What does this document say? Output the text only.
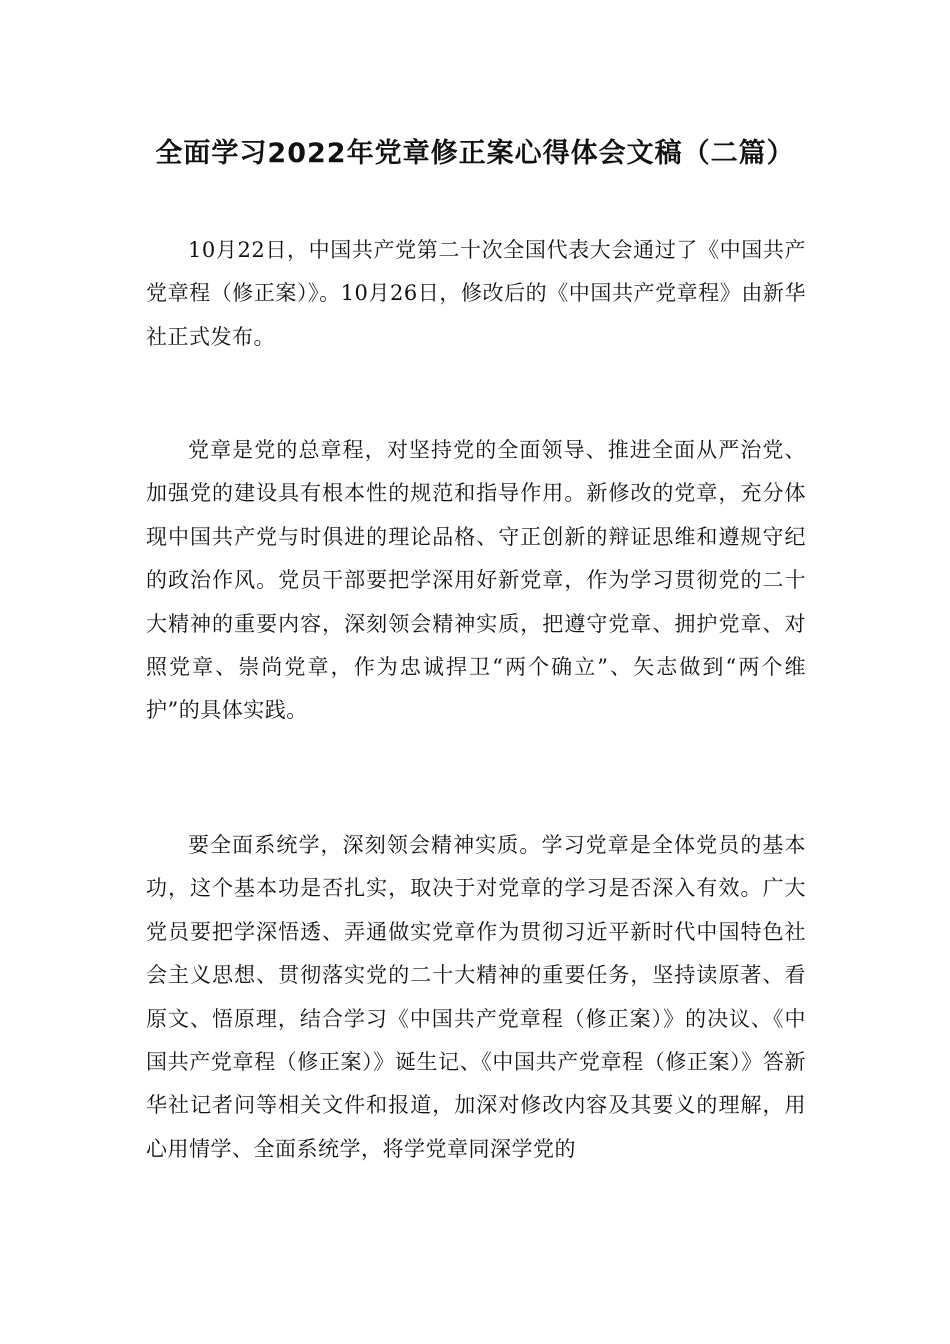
全面学习2022年党章修正案心得体会文稿（二篇）

10月22日，中国共产党第二十次全国代表大会通过了《中国共产党章程（修正案）》。10月26日，修改后的《中国共产党章程》由新华社正式发布。

党章是党的总章程，对坚持党的全面领导、推进全面从严治党、加强党的建设具有根本性的规范和指导作用。新修改的党章，充分体现中国共产党与时俱进的理论品格、守正创新的辩证思维和遵规守纪的政治作风。党员干部要把学深用好新党章，作为学习贯彻党的二十大精神的重要内容，深刻领会精神实质，把遵守党章、拥护党章、对照党章、崇尚党章，作为忠诚捍卫“两个确立”、矢志做到“两个维护”的具体实践。

要全面系统学，深刻领会精神实质。学习党章是全体党员的基本功，这个基本功是否扎实，取决于对党章的学习是否深入有效。广大党员要把学深悟透、弄通做实党章作为贯彻习近平新时代中国特色社会主义思想、贯彻落实党的二十大精神的重要任务，坚持读原著、看原文、悟原理，结合学习《中国共产党章程（修正案）》的决议、《中国共产党章程（修正案）》诞生记、《中国共产党章程（修正案）》答新华社记者问等相关文件和报道，加深对修改内容及其要义的理解，用心用情学、全面系统学，将学党章同深学党的
